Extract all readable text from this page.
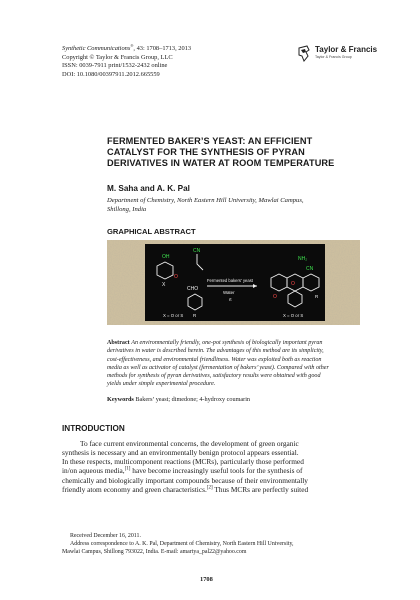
Synthetic Communications®, 43: 1708–1713, 2013
Copyright © Taylor & Francis Group, LLC
ISSN: 0039-7911 print/1532-2432 online
DOI: 10.1080/00397911.2012.665559
Taylor & Francis
Taylor & Francis Group
FERMENTED BAKER’S YEAST: AN EFFICIENT
CATALYST FOR THE SYNTHESIS OF PYRAN
DERIVATIVES IN WATER AT ROOM TEMPERATURE
M. Saha and A. K. Pal
Department of Chemistry, North Eastern Hill University, Mawlai Campus,
Shillong, India
GRAPHICAL ABSTRACT
OH
O
X
CN
CHO
R
Fermented bakers' yeast
Water
rt
NH₂
CN
O
O	R
X = O or S	X = O or S
Abstract An environmentally friendly, one-pot synthesis of biologically important pyran
derivatives in water is described herein. The advantages of this method are its simplicity,
cost-effectiveness, and environmental friendliness. Water was exploited both as reaction
media as well as activator of catalyst (fermentation of bakers’ yeast). Compared with other
methods for synthesis of pyran derivatives, satisfactory results were obtained with good
yields under simple experimental procedure.
Keywords Bakers’ yeast; dimedone; 4-hydroxy coumarin
INTRODUCTION
To face current environmental concerns, the development of green organic
synthesis is necessary and an environmentally benign protocol appears essential.
In these respects, multicomponent reactions (MCRs), particularly those performed
in/on aqueous media,[1] have become increasingly useful tools for the synthesis of
chemically and biologically important compounds because of their environmentally
friendly atom economy and green characteristics.[2] Thus MCRs are perfectly suited
Received December 16, 2011.
Address correspondence to A. K. Pal, Department of Chemistry, North Eastern Hill University,
Mawlai Campus, Shillong 793022, India. E-mail: amartya_pal22@yahoo.com
1708
